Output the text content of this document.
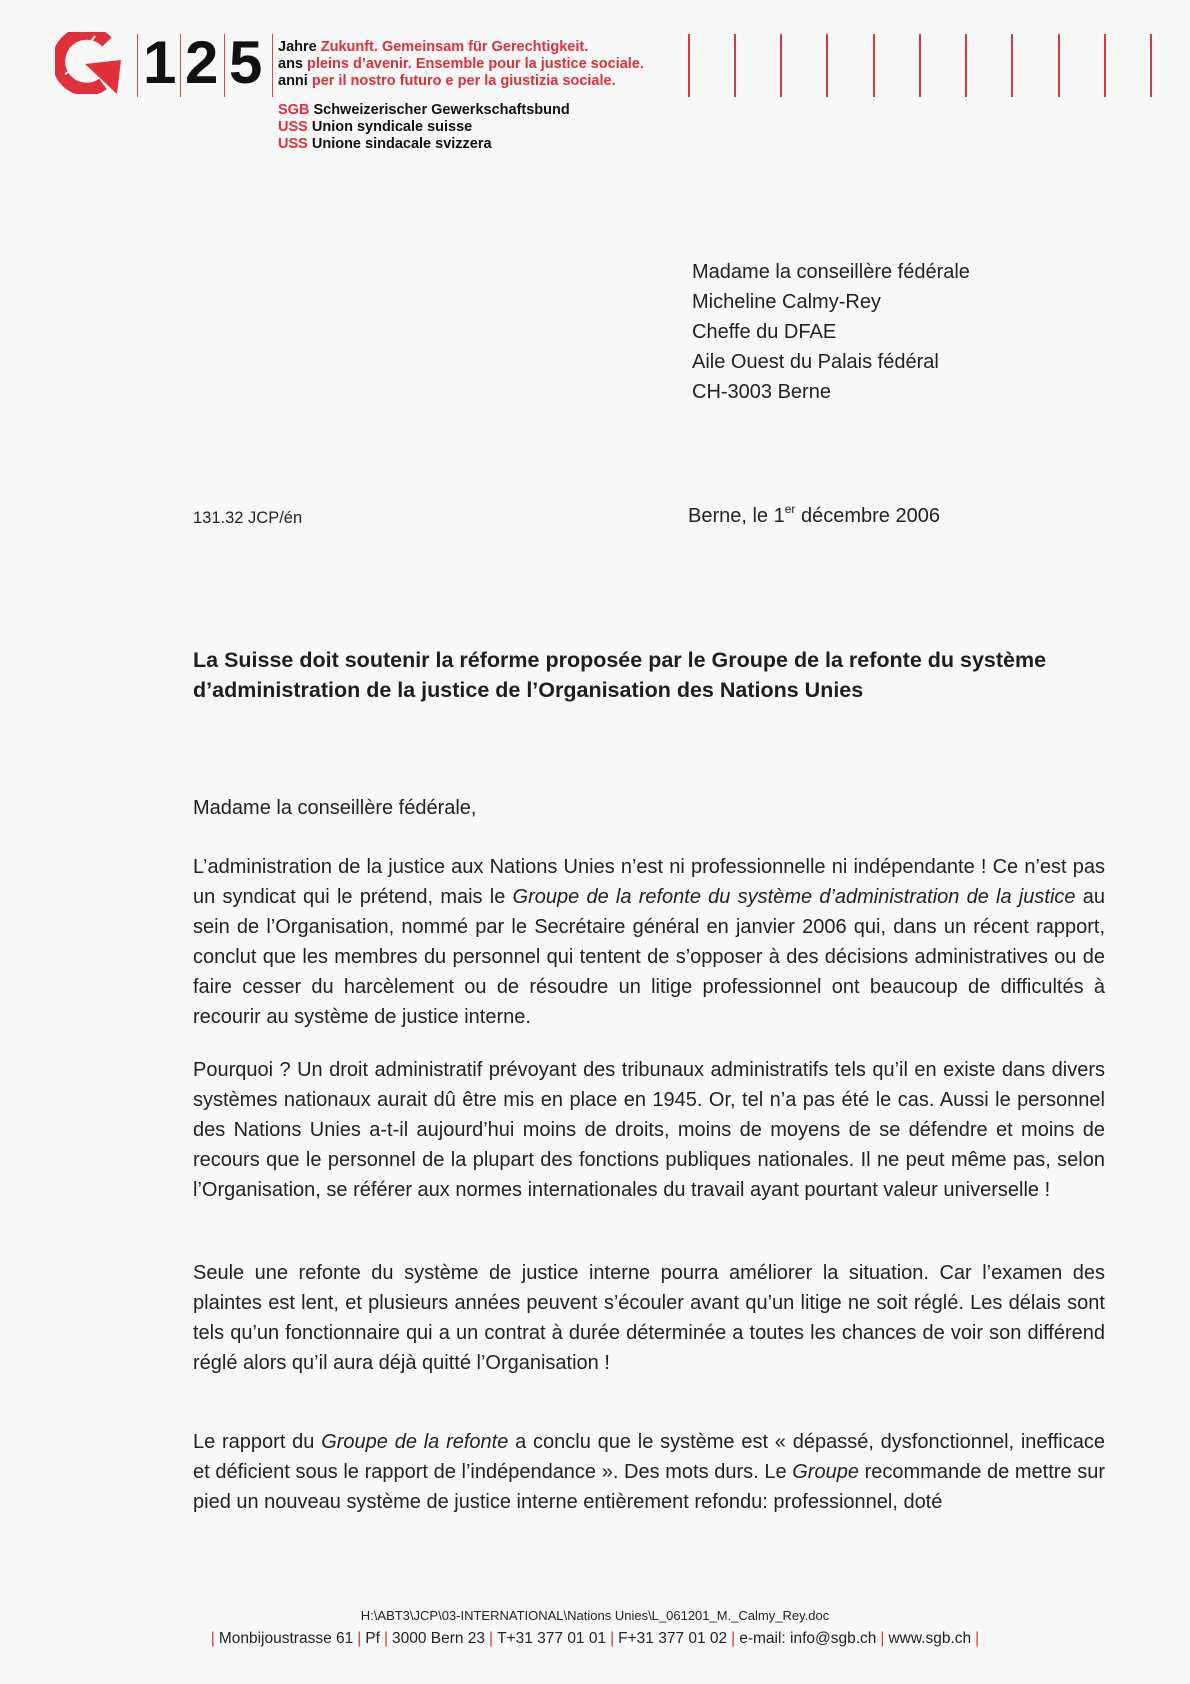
1 2 5 Jahre Zukunft. Gemeinsam für Gerechtigkeit.
ans pleins d’avenir. Ensemble pour la justice sociale.
anni per il nostro futuro e per la giustizia sociale.
SGB Schweizerischer Gewerkschaftsbund
USS Union syndicale suisse
USS Unione sindacale svizzera
Madame la conseillère fédérale
Micheline Calmy-Rey
Cheffe du DFAE
Aile Ouest du Palais fédéral
CH-3003 Berne
131.32 JCP/én	Berne, le 1er décembre 2006
La Suisse doit soutenir la réforme proposée par le Groupe de la refonte du système d’administration de la justice de l’Organisation des Nations Unies
Madame la conseillère fédérale,
L’administration de la justice aux Nations Unies n’est ni professionnelle ni indépendante ! Ce n’est pas un syndicat qui le prétend, mais le Groupe de la refonte du système d’administration de la justice au sein de l’Organisation, nommé par le Secrétaire général en janvier 2006 qui, dans un récent rapport, conclut que les membres du personnel qui tentent de s’opposer à des décisions administratives ou de faire cesser du harcèlement ou de résoudre un litige professionnel ont beaucoup de difficultés à recourir au système de justice interne.
Pourquoi ? Un droit administratif prévoyant des tribunaux administratifs tels qu’il en existe dans divers systèmes nationaux aurait dû être mis en place en 1945. Or, tel n’a pas été le cas. Aussi le personnel des Nations Unies a-t-il aujourd’hui moins de droits, moins de moyens de se défendre et moins de recours que le personnel de la plupart des fonctions publiques nationales. Il ne peut même pas, selon l’Organisation, se référer aux normes internationales du travail ayant pourtant valeur universelle !
Seule une refonte du système de justice interne pourra améliorer la situation. Car l’examen des plaintes est lent, et plusieurs années peuvent s’écouler avant qu’un litige ne soit réglé. Les délais sont tels qu’un fonctionnaire qui a un contrat à durée déterminée a toutes les chances de voir son différend réglé alors qu’il aura déjà quitté l’Organisation !
Le rapport du Groupe de la refonte a conclu que le système est « dépassé, dysfonctionnel, inefficace et déficient sous le rapport de l’indépendance ». Des mots durs. Le Groupe recommande de mettre sur pied un nouveau système de justice interne entièrement refondu: professionnel, doté
H:\ABT3\JCP\03-INTERNATIONAL\Nations Unies\L_061201_M._Calmy_Rey.doc
| Monbijoustrasse 61 | Pf | 3000 Bern 23 | T+31 377 01 01 | F+31 377 01 02 | e-mail: info@sgb.ch | www.sgb.ch |
